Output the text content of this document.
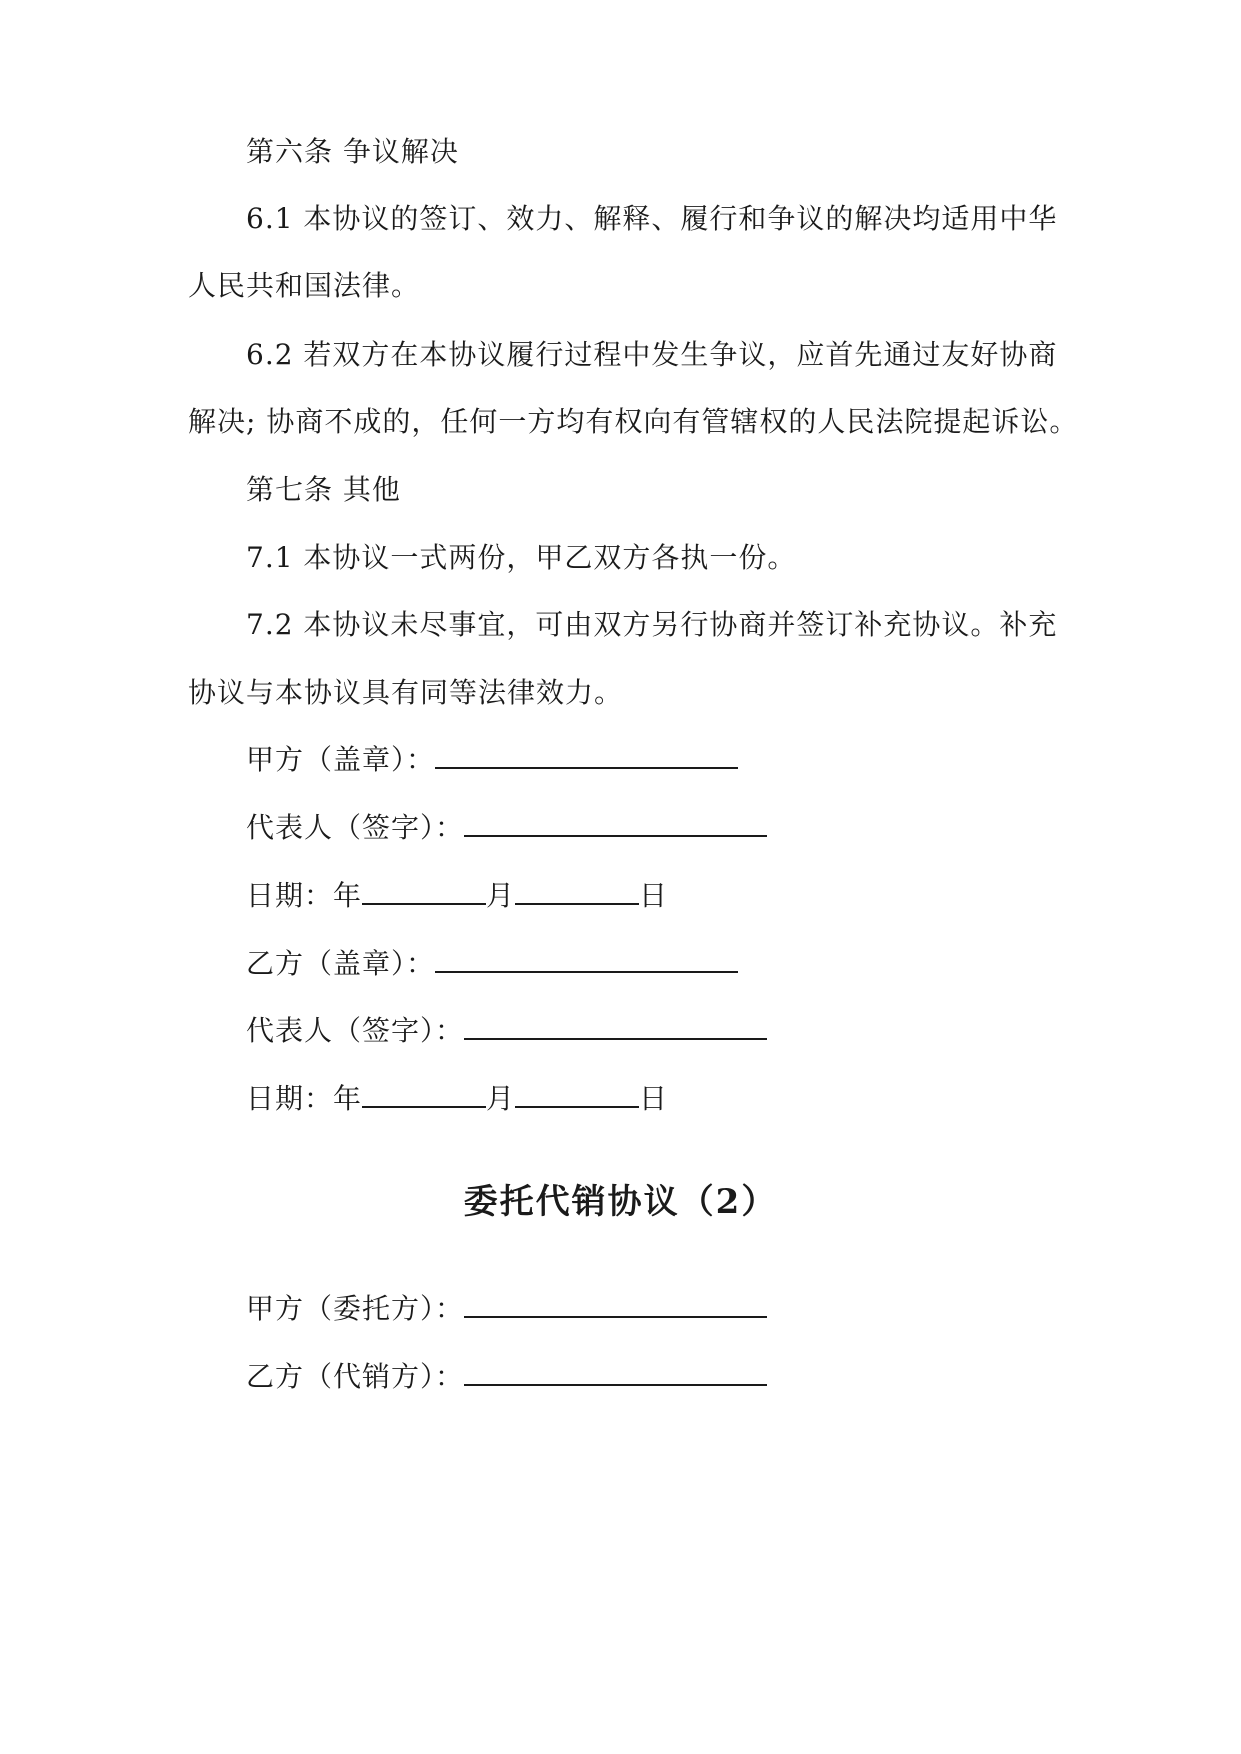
第六条 争议解决
6.1 本协议的签订、效力、解释、履行和争议的解决均适用中华
人民共和国法律。
6.2 若双方在本协议履行过程中发生争议，应首先通过友好协商
解决; 协商不成的，任何一方均有权向有管辖权的人民法院提起诉讼。
第七条 其他
7.1 本协议一式两份，甲乙双方各执一份。
7.2 本协议未尽事宜，可由双方另行协商并签订补充协议。补充
协议与本协议具有同等法律效力。
甲方（盖章）：
代表人（签字）：
日期：年	月	日
乙方（盖章）：
代表人（签字）：
日期：年	月	日
委托代销协议（2）
甲方（委托方）：
乙方（代销方）：
